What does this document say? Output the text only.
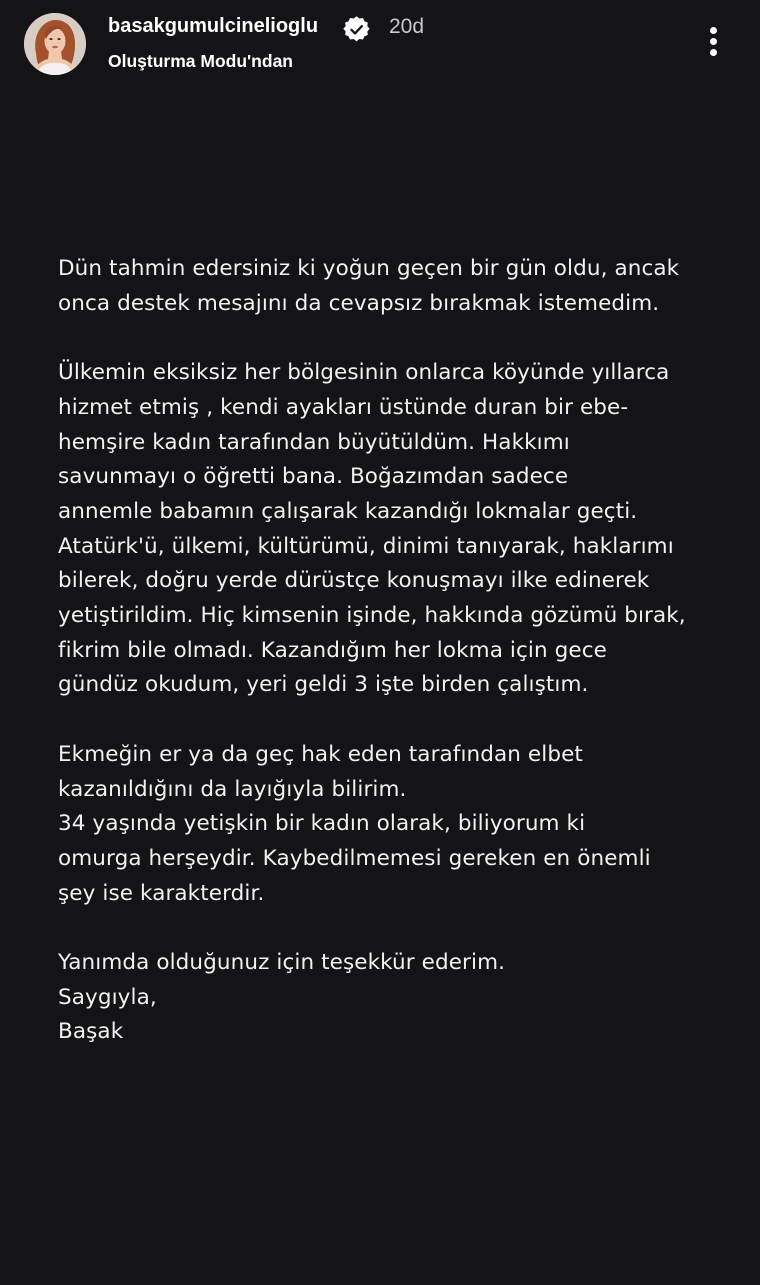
basakgumulcinelioglu	20d
Oluşturma Modu'ndan

Dün tahmin edersiniz ki yoğun geçen bir gün oldu, ancak
onca destek mesajını da cevapsız bırakmak istemedim.

Ülkemin eksiksiz her bölgesinin onlarca köyünde yıllarca
hizmet etmiş , kendi ayakları üstünde duran bir ebe-
hemşire kadın tarafından büyütüldüm. Hakkımı
savunmayı o öğretti bana. Boğazımdan sadece
annemle babamın çalışarak kazandığı lokmalar geçti.
Atatürk'ü, ülkemi, kültürümü, dinimi tanıyarak, haklarımı
bilerek, doğru yerde dürüstçe konuşmayı ilke edinerek
yetiştirildim. Hiç kimsenin işinde, hakkında gözümü bırak,
fikrim bile olmadı. Kazandığım her lokma için gece
gündüz okudum, yeri geldi 3 işte birden çalıştım.

Ekmeğin er ya da geç hak eden tarafından elbet
kazanıldığını da layığıyla bilirim.
34 yaşında yetişkin bir kadın olarak, biliyorum ki
omurga herşeydir. Kaybedilmemesi gereken en önemli
şey ise karakterdir.

Yanımda olduğunuz için teşekkür ederim.
Saygıyla,
Başak
